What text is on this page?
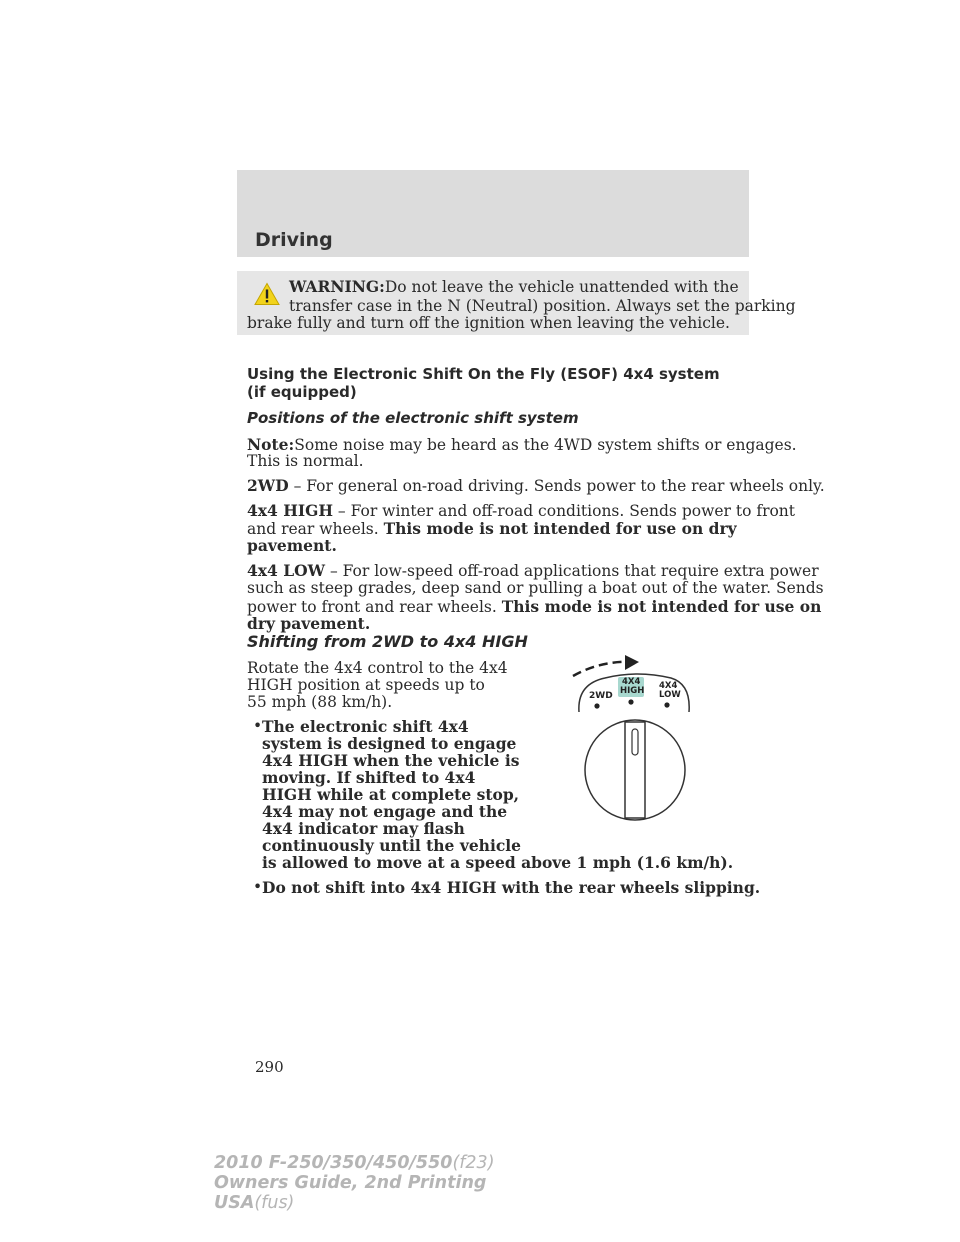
Driving

WARNING:Do not leave the vehicle unattended with the

transfer case in the N (Neutral) position. Always set the parking

brake fully and turn off the ignition when leaving the vehicle.

Using the Electronic Shift On the Fly (ESOF) 4x4 system

(if equipped)

Positions of the electronic shift system

Note:Some noise may be heard as the 4WD system shifts or engages.

This is normal.

2WD – For general on-road driving. Sends power to the rear wheels only.

4x4 HIGH – For winter and off-road conditions. Sends power to front

and rear wheels. This mode is not intended for use on dry

pavement.

4x4 LOW – For low-speed off-road applications that require extra power

such as steep grades, deep sand or pulling a boat out of the water. Sends

power to front and rear wheels. This mode is not intended for use on

dry pavement.

Shifting from 2WD to 4x4 HIGH

Rotate the 4x4 control to the 4x4

HIGH position at speeds up to

55 mph (88 km/h).

• The electronic shift 4x4

system is designed to engage

4x4 HIGH when the vehicle is

moving. If shifted to 4x4

HIGH while at complete stop,

4x4 may not engage and the

4x4 indicator may flash

continuously until the vehicle

is allowed to move at a speed above 1 mph (1.6 km/h).

• Do not shift into 4x4 HIGH with the rear wheels slipping.

2WD
4X4
HIGH 4X4
LOW
290
2010 F-250/350/450/550(f23)
Owners Guide, 2nd Printing
USA(fus)
